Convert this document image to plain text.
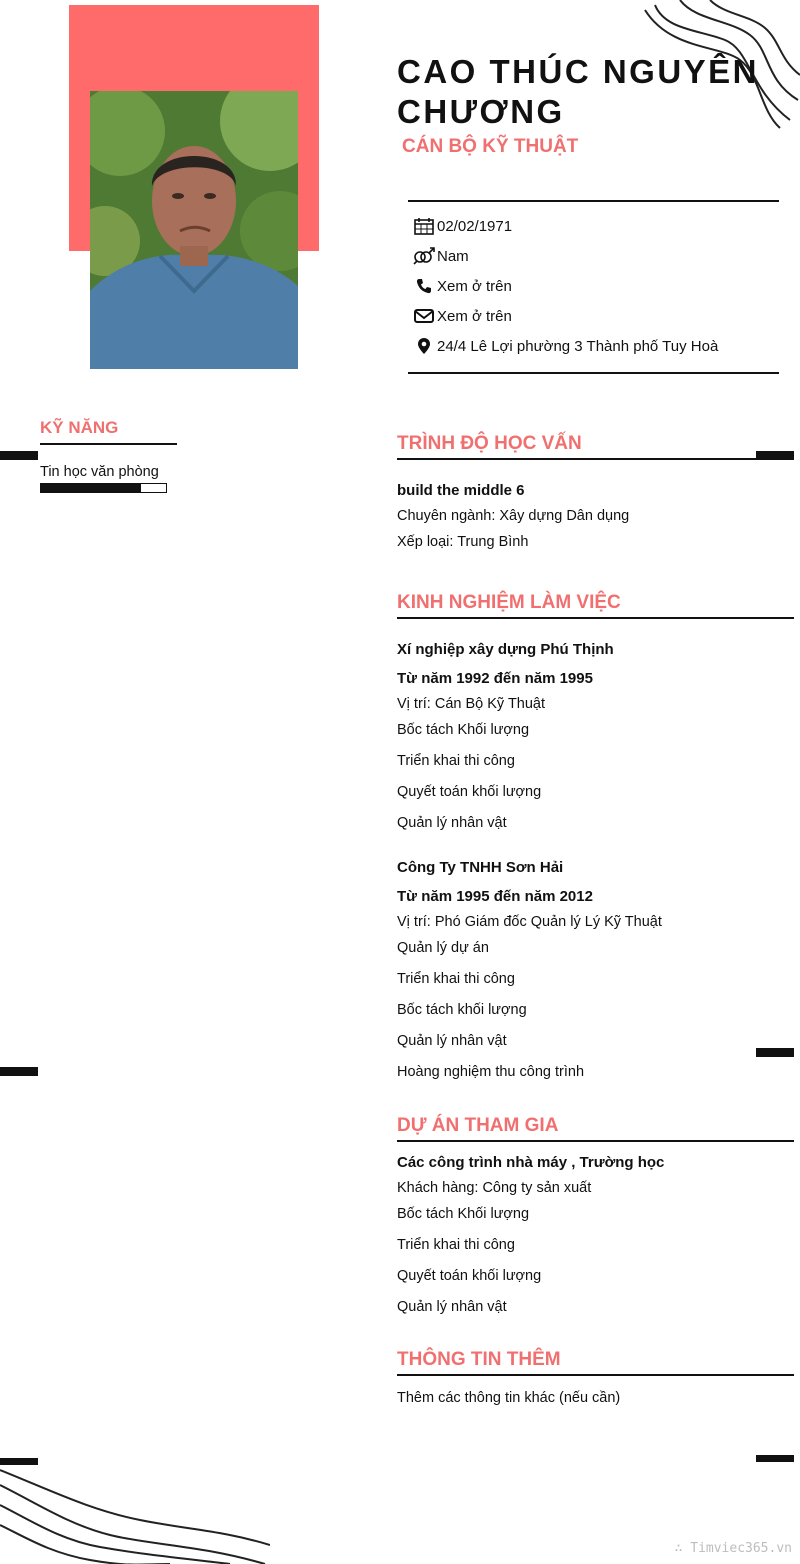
CAO THÚC NGUYÊN CHƯƠNG
CÁN BỘ KỸ THUẬT
02/02/1971
Nam
Xem ở trên
Xem ở trên
24/4 Lê Lợi phường 3 Thành phố Tuy Hoà
KỸ NĂNG
Tin học văn phòng
TRÌNH ĐỘ HỌC VẤN
build the middle 6
Chuyên ngành: Xây dựng Dân dụng
Xếp loại: Trung Bình
KINH NGHIỆM LÀM VIỆC
Xí nghiệp xây dựng Phú Thịnh
Từ năm 1992 đến năm 1995
Vị trí: Cán Bộ Kỹ Thuật
Bốc tách Khối lượng
Triển khai thi công
Quyết toán khối lượng
Quản lý nhân vật
Công Ty TNHH Sơn Hải
Từ năm 1995 đến năm 2012
Vị trí: Phó Giám đốc Quản lý Lý Kỹ Thuật
Quản lý dự án
Triển khai thi công
Bốc tách khối lượng
Quản lý nhân vật
Hoàng nghiệm thu công trình
DỰ ÁN THAM GIA
Các công trình nhà máy , Trường học
Khách hàng: Công ty sản xuất
Bốc tách Khối lượng
Triển khai thi công
Quyết toán khối lượng
Quản lý nhân vật
THÔNG TIN THÊM
Thêm các thông tin khác (nếu cần)
∴ Timviec365.vn
